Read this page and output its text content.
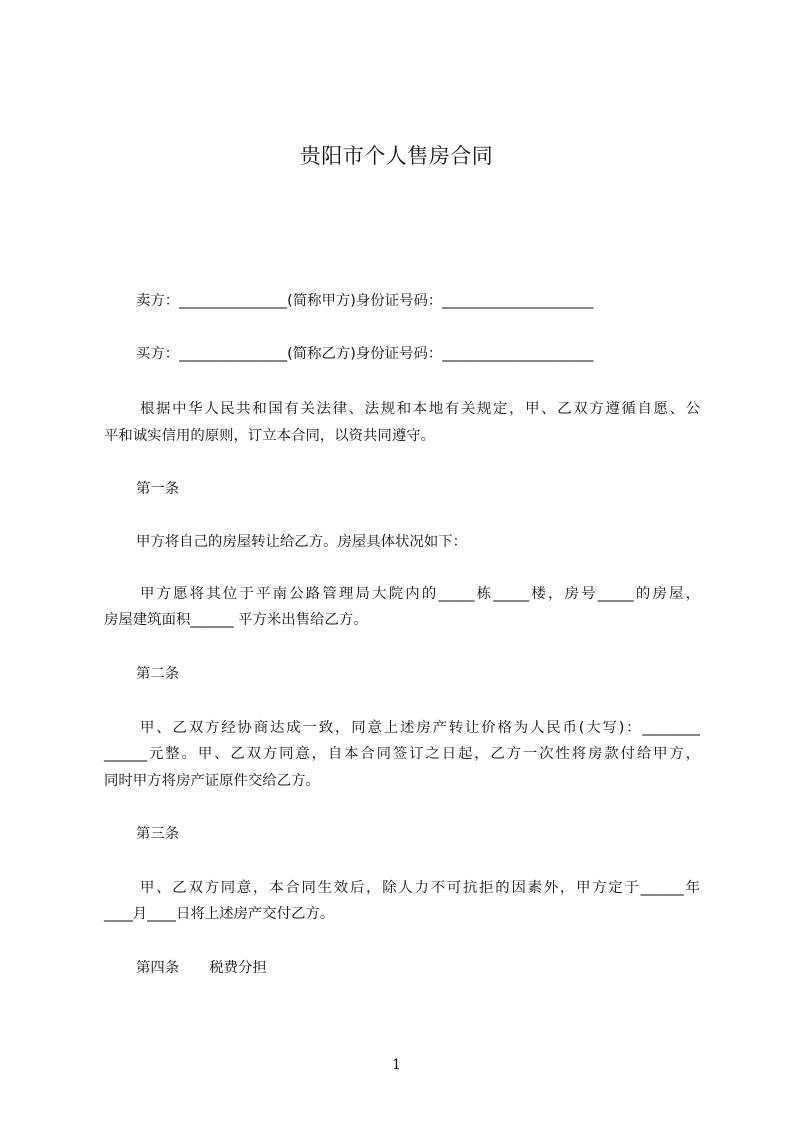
贵阳市个人售房合同
卖方：_______________(简称甲方)身份证号码：_____________________
买方：_______________(简称乙方)身份证号码：_____________________
根据中华人民共和国有关法律、法规和本地有关规定，甲、乙双方遵循自愿、公
平和诚实信用的原则，订立本合同，以资共同遵守。
第一条
甲方将自己的房屋转让给乙方。房屋具体状况如下：
甲方愿将其位于平南公路管理局大院内的_____栋_____楼，房号_____的房屋，
房屋建筑面积______ 平方米出售给乙方。
第二条
甲、乙双方经协商达成一致，同意上述房产转让价格为人民币(大写)：________
______元整。甲、乙双方同意，自本合同签订之日起，乙方一次性将房款付给甲方，
同时甲方将房产证原件交给乙方。
第三条
甲、乙双方同意，本合同生效后，除人力不可抗拒的因素外，甲方定于______年
____月____日将上述房产交付乙方。
第四条 税费分担
1
